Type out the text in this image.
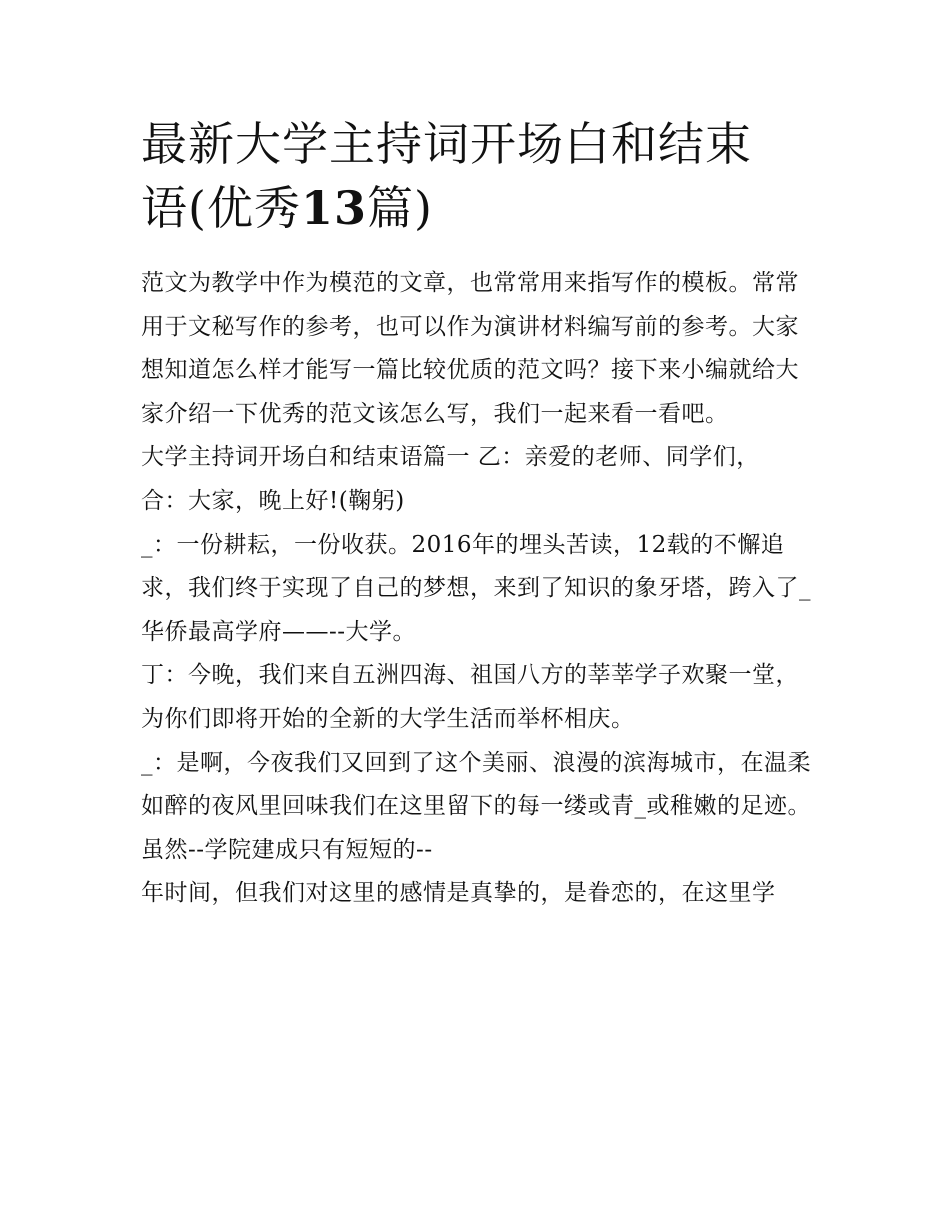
最新大学主持词开场白和结束
语(优秀13篇)

范文为教学中作为模范的文章，也常常用来指写作的模板。常常用于文秘写作的参考，也可以作为演讲材料编写前的参考。大家想知道怎么样才能写一篇比较优质的范文吗？接下来小编就给大家介绍一下优秀的范文该怎么写，我们一起来看一看吧。

大学主持词开场白和结束语篇一 乙：亲爱的老师、同学们，

合：大家，晚上好!(鞠躬)

_：一份耕耘，一份收获。2016年的埋头苦读，12载的不懈追求，我们终于实现了自己的梦想，来到了知识的象牙塔，跨入了_华侨最高学府——--大学。

丁：今晚，我们来自五洲四海、祖国八方的莘莘学子欢聚一堂，为你们即将开始的全新的大学生活而举杯相庆。

_：是啊，今夜我们又回到了这个美丽、浪漫的滨海城市，在温柔如醉的夜风里回味我们在这里留下的每一缕或青_或稚嫩的足迹。虽然--学院建成只有短短的--

年时间，但我们对这里的感情是真挚的，是眷恋的，在这里学
